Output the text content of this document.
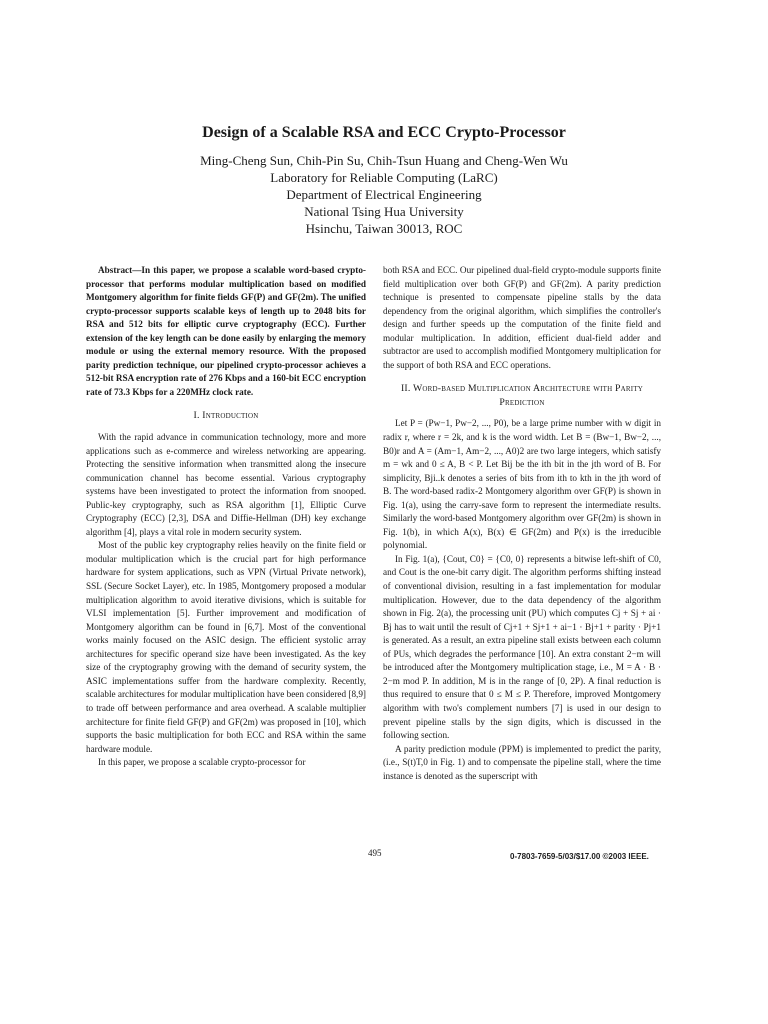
Design of a Scalable RSA and ECC Crypto-Processor
Ming-Cheng Sun, Chih-Pin Su, Chih-Tsun Huang and Cheng-Wen Wu
Laboratory for Reliable Computing (LaRC)
Department of Electrical Engineering
National Tsing Hua University
Hsinchu, Taiwan 30013, ROC

Abstract—In this paper, we propose a scalable word-based crypto-processor that performs modular multiplication based on modified Montgomery algorithm for finite fields GF(P) and GF(2m). The unified crypto-processor supports scalable keys of length up to 2048 bits for RSA and 512 bits for elliptic curve cryptography (ECC). Further extension of the key length can be done easily by enlarging the memory module or using the external memory resource. With the proposed parity prediction technique, our pipelined crypto-processor achieves a 512-bit RSA encryption rate of 276 Kbps and a 160-bit ECC encryption rate of 73.3 Kbps for a 220MHz clock rate.

I. Introduction

With the rapid advance in communication technology, more and more applications such as e-commerce and wireless networking are appearing. Protecting the sensitive information when transmitted along the insecure communication channel has become essential. Various cryptography systems have been investigated to protect the information from snooped. Public-key cryptography, such as RSA algorithm [1], Elliptic Curve Cryptography (ECC) [2,3], DSA and Diffie-Hellman (DH) key exchange algorithm [4], plays a vital role in modern security system.

Most of the public key cryptography relies heavily on the finite field or modular multiplication which is the crucial part for high performance hardware for system applications, such as VPN (Virtual Private network), SSL (Secure Socket Layer), etc. In 1985, Montgomery proposed a modular multiplication algorithm to avoid iterative divisions, which is suitable for VLSI implementation [5]. Further improvement and modification of Montgomery algorithm can be found in [6,7]. Most of the conventional works mainly focused on the ASIC design. The efficient systolic array architectures for specific operand size have been investigated. As the key size of the cryptography growing with the demand of security system, the ASIC implementations suffer from the hardware complexity. Recently, scalable architectures for modular multiplication have been considered [8,9] to trade off between performance and area overhead. A scalable multiplier architecture for finite field GF(P) and GF(2m) was proposed in [10], which supports the basic multiplication for both ECC and RSA within the same hardware module.

In this paper, we propose a scalable crypto-processor for

both RSA and ECC. Our pipelined dual-field crypto-module supports finite field multiplication over both GF(P) and GF(2m). A parity prediction technique is presented to compensate pipeline stalls by the data dependency from the original algorithm, which simplifies the controller's design and further speeds up the computation of the finite field and modular multiplication. In addition, efficient dual-field adder and subtractor are used to accomplish modified Montgomery multiplication for the support of both RSA and ECC operations.

II. Word-based Multiplication Architecture with Parity Prediction

Let P = (Pw−1, Pw−2, ..., P0), be a large prime number with w digit in radix r, where r = 2k, and k is the word width. Let B = (Bw−1, Bw−2, ..., B0)r and A = (Am−1, Am−2, ..., A0)2 are two large integers, which satisfy m = wk and 0 ≤ A, B < P. Let Bij be the ith bit in the jth word of B. For simplicity, Bji..k denotes a series of bits from ith to kth in the jth word of B. The word-based radix-2 Montgomery algorithm over GF(P) is shown in Fig. 1(a), using the carry-save form to represent the intermediate results. Similarly the word-based Montgomery algorithm over GF(2m) is shown in Fig. 1(b), in which A(x), B(x) ∈ GF(2m) and P(x) is the irreducible polynomial.

In Fig. 1(a), {Cout, C0} = {C0, 0} represents a bitwise left-shift of C0, and Cout is the one-bit carry digit. The algorithm performs shifting instead of conventional division, resulting in a fast implementation for modular multiplication. However, due to the data dependency of the algorithm shown in Fig. 2(a), the processing unit (PU) which computes Cj + Sj + ai · Bj has to wait until the result of Cj+1 + Sj+1 + ai−1 · Bj+1 + parity · Pj+1 is generated. As a result, an extra pipeline stall exists between each column of PUs, which degrades the performance [10]. An extra constant 2−m will be introduced after the Montgomery multiplication stage, i.e., M = A · B · 2−m mod P. In addition, M is in the range of [0, 2P). A final reduction is thus required to ensure that 0 ≤ M ≤ P. Therefore, improved Montgomery algorithm with two's complement numbers [7] is used in our design to prevent pipeline stalls by the sign digits, which is discussed in the following section.

A parity prediction module (PPM) is implemented to predict the parity, (i.e., S(t)T,0 in Fig. 1) and to compensate the pipeline stall, where the time instance is denoted as the superscript with

495	0-7803-7659-5/03/$17.00 ©2003 IEEE.
